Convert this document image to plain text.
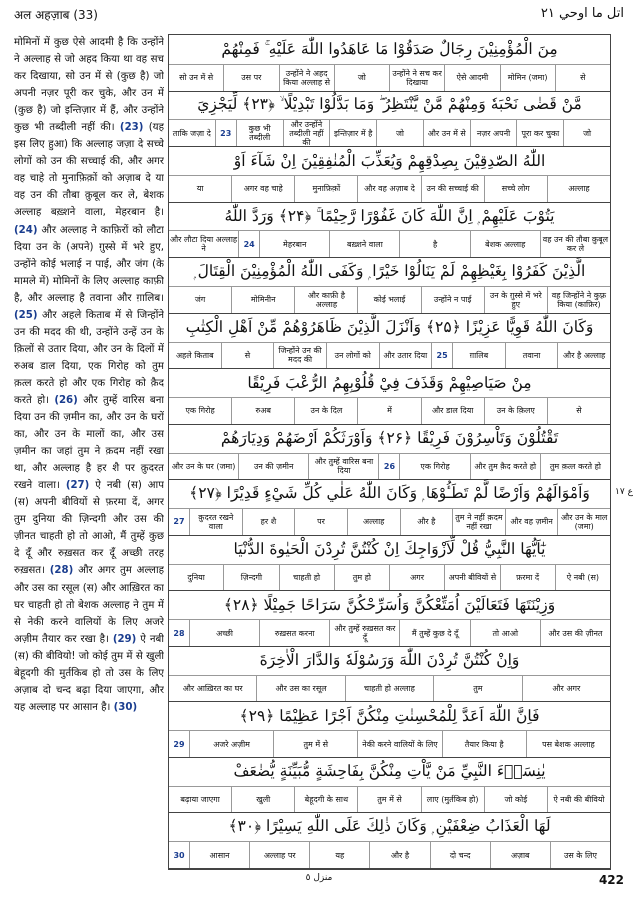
अल अहज़ाब (33)	اتل ما اوحي ٢١
मोमिनों में कुछ ऐसे आदमी है कि उन्होंने ने अल्लाह से जो अहद किया था वह सच कर दिखाया, सो उन में से (कुछ है) जो अपनी नज़र पूरी कर चुके, और उन में (कुछ है) जो इन्तिज़ार में हैं, और उन्होंने कुछ भी तब्दीली नहीं की। (23) (यह इस लिए हुआ) कि अल्लाह जज़ा दे सच्चे लोगों को उन की सच्चाई की, और अगर वह चाहे तो मुनाफ़िक़ों को अज़ाब दे या वह उन की तौबा क़ुबूल कर ले, बेशक अल्लाह बख़्शने वाला, मेहरबान है। (24) और अल्लाह ने काफ़िरों को लौटा दिया उन के (अपने) ग़ुस्से में भरे हुए, उन्होंने कोई भलाई न पाई, और जंग (के मामले में) मोमिनों के लिए अल्लाह काफ़ी है, और अल्लाह है तवाना और ग़ालिब। (25) और अहले किताब में से जिन्होंने उन की मदद की थी, उन्होंने उन्हें उन के क़िलों से उतार दिया, और उन के दिलों में रुअब डाल दिया, एक गिरोह को तुम क़त्ल करते हो और एक गिरोह को क़ैद करते हो। (26) और तुम्हें वारिस बना दिया उन की ज़मीन का, और उन के घरों का, और उन के मालों का, और उस ज़मीन का जहां तुम ने क़दम नहीं रखा था, और अल्लाह है हर शै पर क़ुदरत रखने वाला। (27) ऐ नबी (स) आप (स) अपनी बीवियों से फ़रमा दें, अगर तुम दुनिया की ज़िन्दगी और उस की ज़ीनत चाहती हो तो आओ, मैं तुम्हें कुछ दे दूँ और रुख़सत कर दूँ अच्छी तरह रुख़सत। (28) और अगर तुम अल्लाह और उस का रसूल (स) और आख़िरत का घर चाहती हो तो बेशक अल्लाह ने तुम में से नेकी करने वालियों के लिए अजरे अज़ीम तैयार कर रखा है। (29) ऐ नबी (स) की बीवियो! जो कोई तुम में से खुली बेहूदगी की मुर्तकिब हो तो उस के लिए अज़ाब दो चन्द बढ़ा दिया जाएगा, और यह अल्लाह पर आसान है। (30)
مِنَ الْمُؤْمِنِيْنَ رِجَالٌ صَدَقُوْا مَا عَاهَدُوا اللّٰهَ عَلَيْهِ ۚ فَمِنْهُمْ
से
मोमिन (जमा)
ऐसे आदमी
उन्होंने ने सच कर दिखाया
जो
उन्होंने ने अहद किया अल्लाह से
उस पर
सो उन में से
مَّنْ قَضٰى نَحْبَهٗ وَمِنْهُمْ مَّنْ يَّنْتَظِرُ ۖ وَمَا بَدَّلُوْا تَبْدِيْلًا ۙ ﴿۲۳﴾ لِّيَجْزِيَ
जो
पूरा कर चुका
नज़र अपनी
और उन में से
जो
इन्तिज़ार में है
और उन्होंने तब्दीली नहीं की
कुछ भी तब्दीली
23
ताकि जज़ा दे
اللّٰهُ الصّٰدِقِيْنَ بِصِدْقِهِمْ وَيُعَذِّبَ الْمُنٰفِقِيْنَ اِنْ شَآءَ اَوْ
अल्लाह
सच्चे लोग
उन की सच्चाई की
और वह अज़ाब दे
मुनाफ़िक़ों
अगर वह चाहे
या
يَتُوْبَ عَلَيْهِمْ ۭ اِنَّ اللّٰهَ كَانَ غَفُوْرًا رَّحِيْمًا ۚ ﴿۲۴﴾ وَرَدَّ اللّٰهُ
वह उन की तौबा क़ुबूल कर ले
बेशक अल्लाह
है
बख़्शने वाला
मेहरबान
24
और लौटा दिया अल्लाह ने
الَّذِيْنَ كَفَرُوْا بِغَيْظِهِمْ لَمْ يَنَالُوْا خَيْرًا ۭ وَكَفَى اللّٰهُ الْمُؤْمِنِيْنَ الْقِتَالَ ۭ
वह जिन्होंने ने कुफ़्र किया (काफ़िर)
उन के ग़ुस्से में भरे हुए
उन्होंने न पाई
कोई भलाई
और काफ़ी है अल्लाह
मोमिनीन
जंग
وَكَانَ اللّٰهُ قَوِيًّا عَزِيْزًا ﴿۲۵﴾ وَاَنْزَلَ الَّذِيْنَ ظَاهَرُوْهُمْ مِّنْ اَهْلِ الْكِتٰبِ
और है अल्लाह
तवाना
ग़ालिब
25
और उतार दिया
उन लोगों को
जिन्होंने उन की मदद की
से
अहले किताब
مِنْ صَيَاصِيْهِمْ وَقَذَفَ فِيْ قُلُوْبِهِمُ الرُّعْبَ فَرِيْقًا
से
उन के क़िलए
और डाल दिया
में
उन के दिल
रुअब
एक गिरोह
تَقْتُلُوْنَ وَتَاْسِرُوْنَ فَرِيْقًا ﴿۲۶﴾ وَاَوْرَثَكُمْ اَرْضَهُمْ وَدِيَارَهُمْ
तुम क़त्ल करते हो
और तुम क़ैद करते हो
एक गिरोह
26
और तुम्हें वारिस बना दिया
उन की ज़मीन
और उन के घर (जमा)
وَاَمْوَالَهُمْ وَاَرْضًا لَّمْ تَطَـُٔوْهَا ۭ وَكَانَ اللّٰهُ عَلٰي كُلِّ شَيْءٍ قَدِيْرًا ﴿۲۷﴾
और उन के माल (जमा)
और वह ज़मीन
तुम ने नहीं क़दम नहीं रखा
और है
अल्लाह
पर
हर शै
क़ुदरत रखने वाला
27
يٰٓاَيُّهَا النَّبِيُّ قُلْ لِّاَزْوَاجِكَ اِنْ كُنْتُنَّ تُرِدْنَ الْحَيٰوةَ الدُّنْيَا
ऐ नबी (स)
फ़रमा दें
अपनी बीवियों से
अगर
तुम हो
चाहती हो
ज़िन्दगी
दुनिया
وَزِيْنَتَهَا فَتَعَالَيْنَ اُمَتِّعْكُنَّ وَاُسَرِّحْكُنَّ سَرَاحًا جَمِيْلًا ﴿۲۸﴾
और उस की ज़ीनत
तो आओ
मैं तुम्हें कुछ दे दूँ
और तुम्हें रुख़सत कर दूँ
रुख़सत करना
अच्छी
28
وَاِنْ كُنْتُنَّ تُرِدْنَ اللّٰهَ وَرَسُوْلَهٗ وَالدَّارَ الْاٰخِرَةَ
और अगर
तुम
चाहती हो अल्लाह
और उस का रसूल
और आख़िरत का घर
فَاِنَّ اللّٰهَ اَعَدَّ لِلْمُحْسِنٰتِ مِنْكُنَّ اَجْرًا عَظِيْمًا ﴿۲۹﴾
पस बेशक अल्लाह
तैयार किया है
नेकी करने वालियों के लिए
तुम में से
अजरे अज़ीम
29
يٰنِسَاۗءَ النَّبِيِّ مَنْ يَّاْتِ مِنْكُنَّ بِفَاحِشَةٍ مُّبَيِّنَةٍ يُّضٰعَفْ
ऐ नबी की बीवियो
जो कोई
लाए (मुर्तकिब हो)
तुम में से
बेहूदगी के साथ
खुली
बढ़ाया जाएगा
لَهَا الْعَذَابُ ضِعْفَيْنِ ۭ وَكَانَ ذٰلِكَ عَلَى اللّٰهِ يَسِيْرًا ﴿۳۰﴾
उस के लिए
अज़ाब
दो चन्द
और है
यह
अल्लाह पर
आसान
30
ع ١٧
منزل ٥	422
